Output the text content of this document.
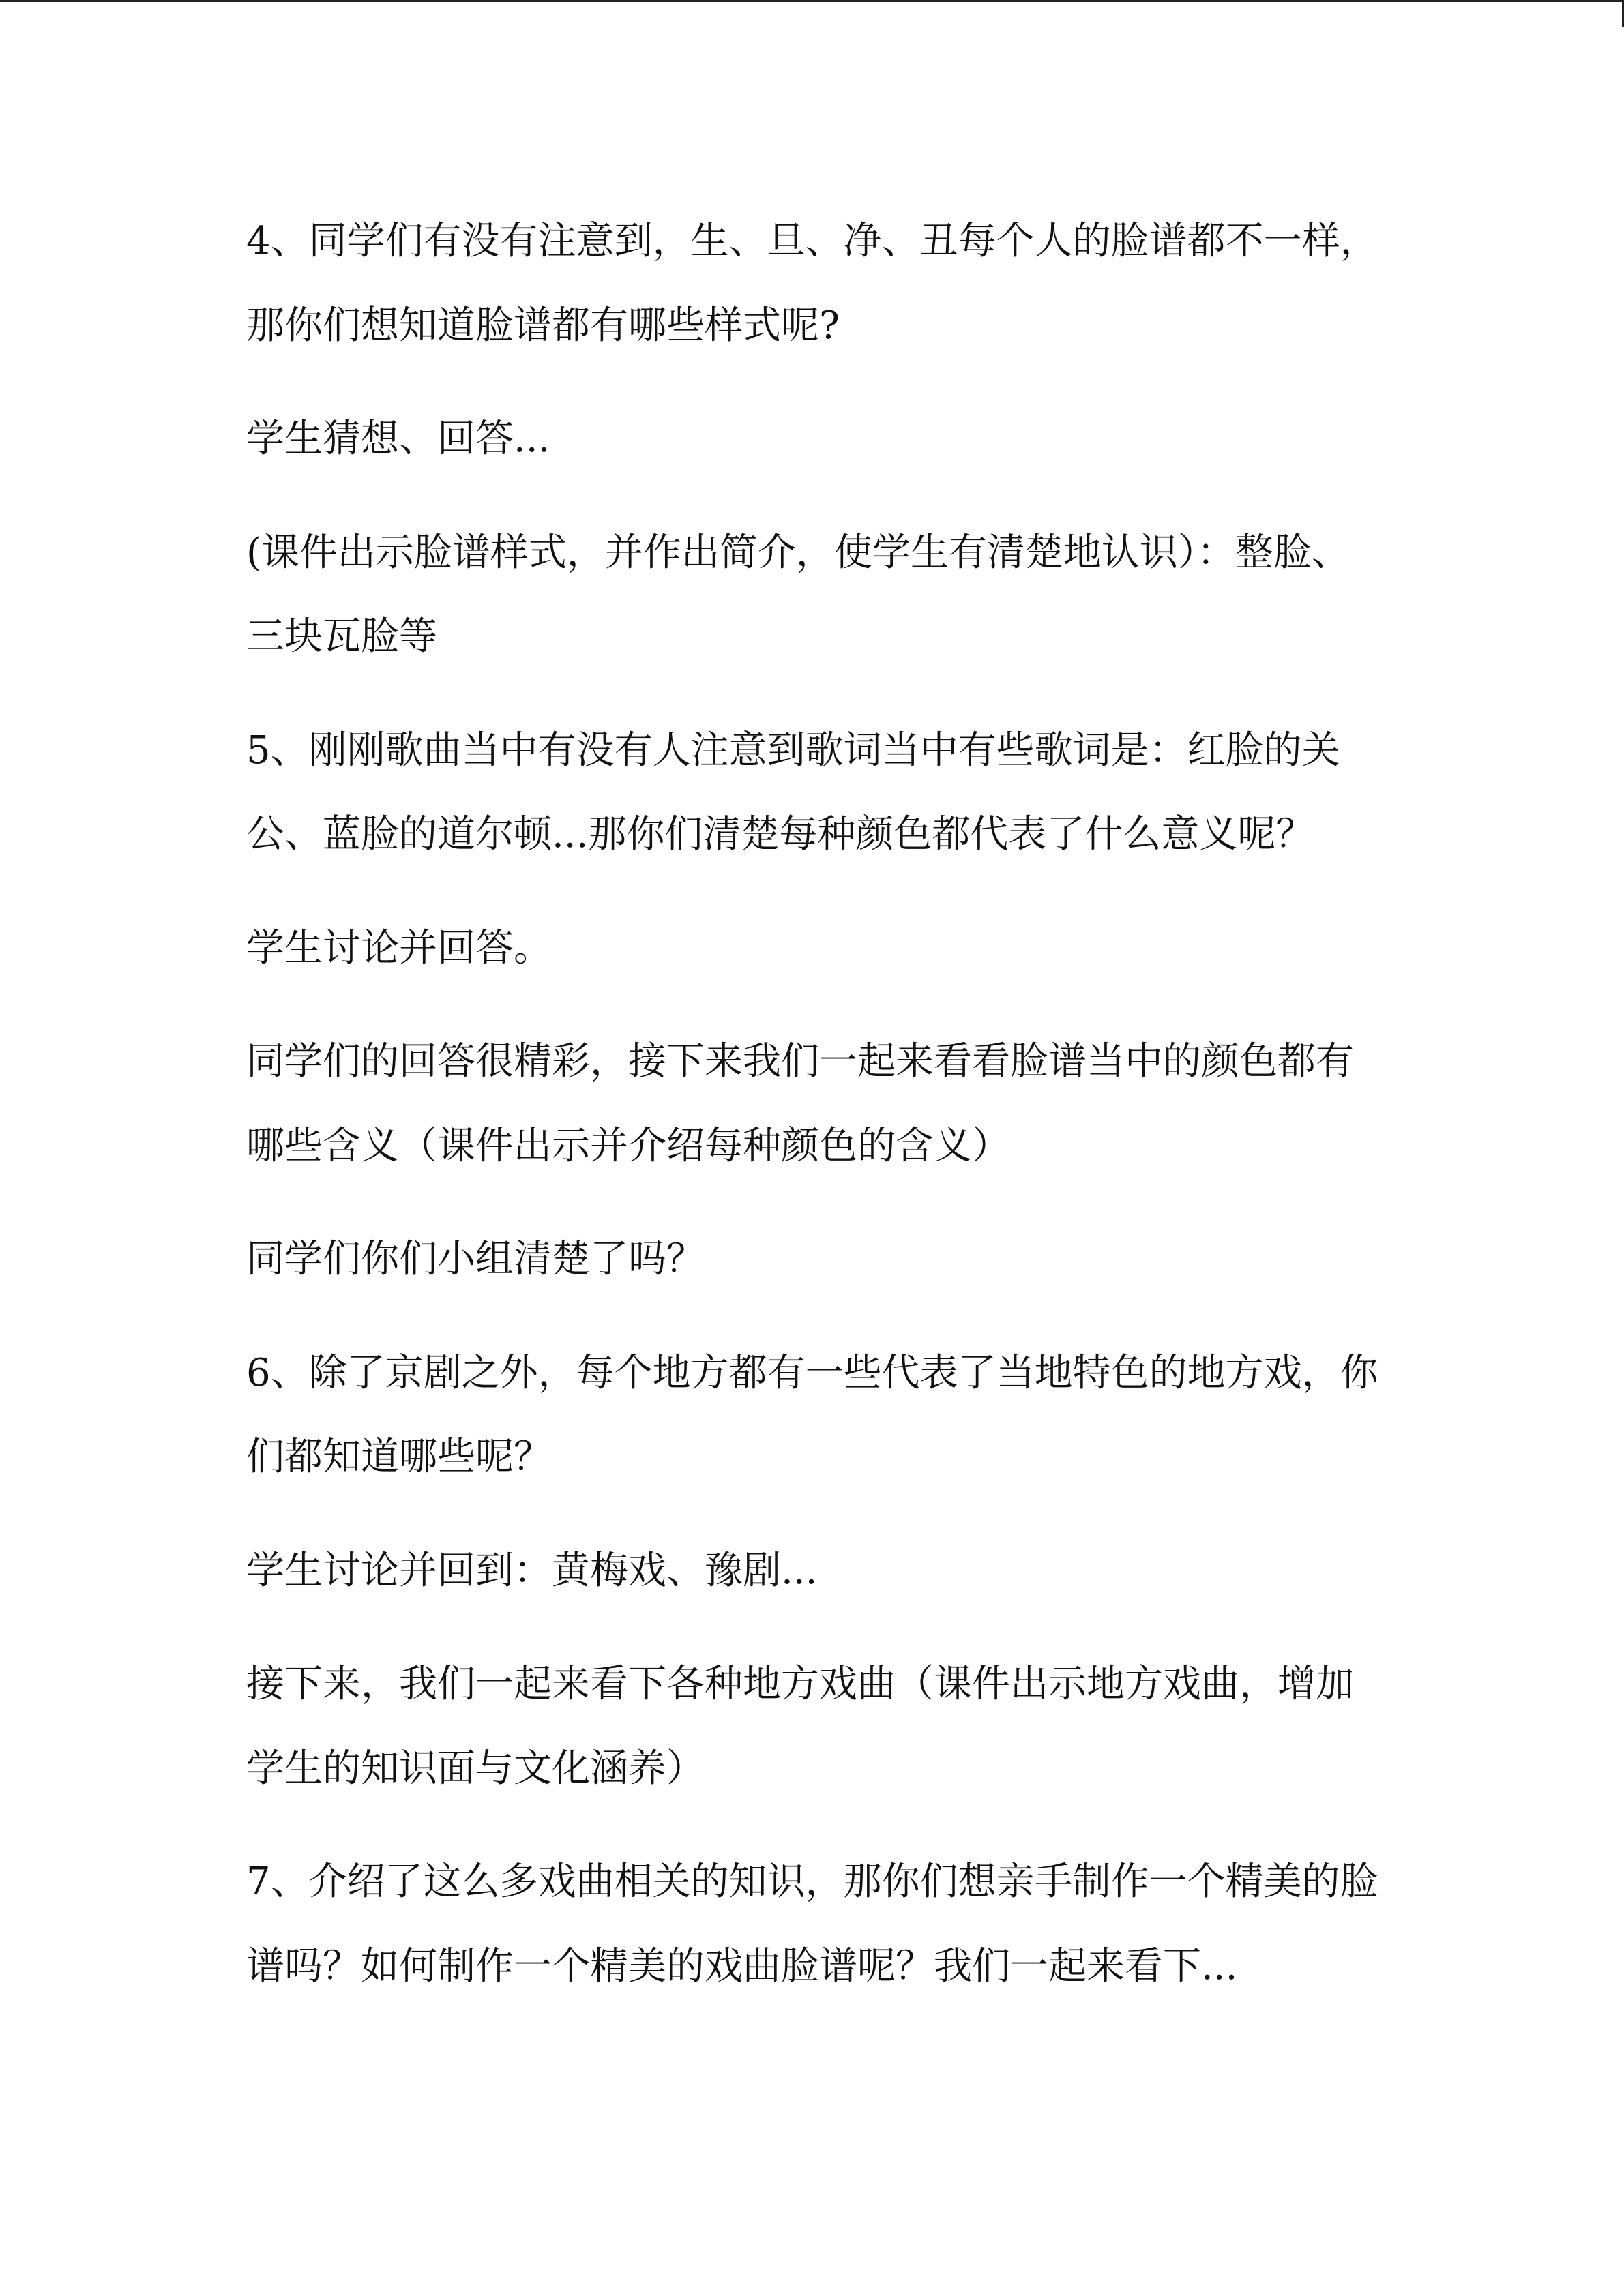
4、同学们有没有注意到，生、旦、净、丑每个人的脸谱都不一样，
那你们想知道脸谱都有哪些样式呢?

学生猜想、回答...

(课件出示脸谱样式，并作出简介，使学生有清楚地认识）：整脸、
三块瓦脸等

5、刚刚歌曲当中有没有人注意到歌词当中有些歌词是：红脸的关
公、蓝脸的道尔顿...那你们清楚每种颜色都代表了什么意义呢？

学生讨论并回答。

同学们的回答很精彩，接下来我们一起来看看脸谱当中的颜色都有
哪些含义（课件出示并介绍每种颜色的含义）

同学们你们小组清楚了吗？

6、除了京剧之外，每个地方都有一些代表了当地特色的地方戏，你
们都知道哪些呢？

学生讨论并回到：黄梅戏、豫剧...

接下来，我们一起来看下各种地方戏曲（课件出示地方戏曲，增加
学生的知识面与文化涵养）

7、介绍了这么多戏曲相关的知识，那你们想亲手制作一个精美的脸
谱吗？如何制作一个精美的戏曲脸谱呢？我们一起来看下...
